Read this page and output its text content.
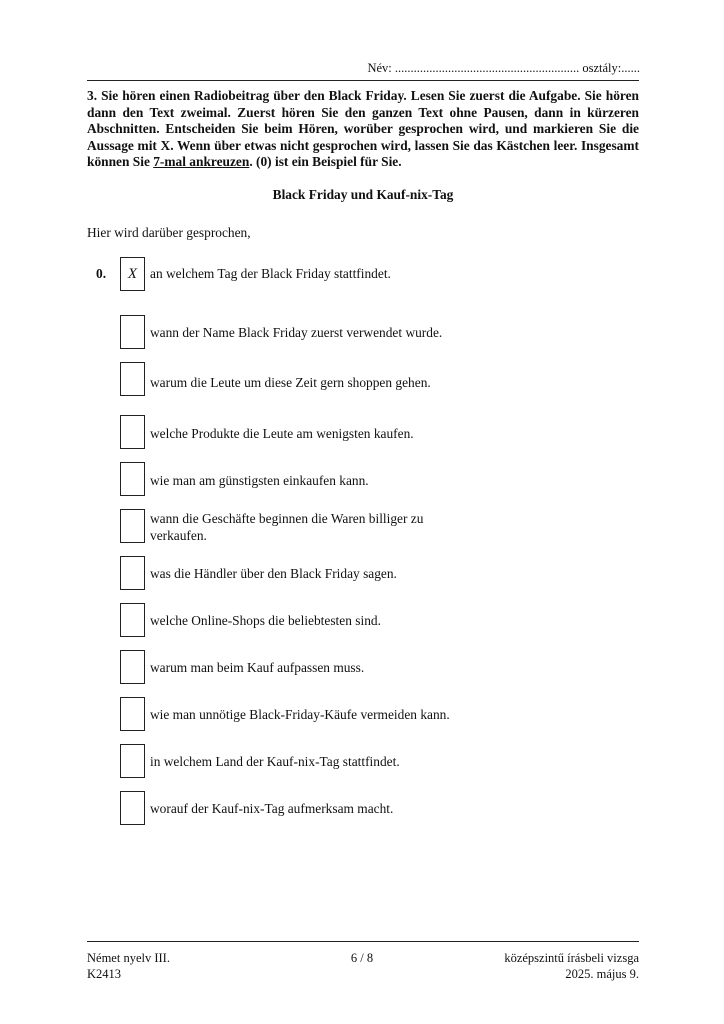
Név: ........................................................... osztály:......
3. Sie hören einen Radiobeitrag über den Black Friday. Lesen Sie zuerst die Aufgabe. Sie hören dann den Text zweimal. Zuerst hören Sie den ganzen Text ohne Pausen, dann in kürzeren Abschnitten. Entscheiden Sie beim Hören, worüber gesprochen wird, und markieren Sie die Aussage mit X. Wenn über etwas nicht gesprochen wird, lassen Sie das Kästchen leer. Insgesamt können Sie 7-mal ankreuzen. (0) ist ein Beispiel für Sie.
Black Friday und Kauf-nix-Tag
Hier wird darüber gesprochen,
0. X an welchem Tag der Black Friday stattfindet.
wann der Name Black Friday zuerst verwendet wurde.
warum die Leute um diese Zeit gern shoppen gehen.
welche Produkte die Leute am wenigsten kaufen.
wie man am günstigsten einkaufen kann.
wann die Geschäfte beginnen die Waren billiger zu verkaufen.
was die Händler über den Black Friday sagen.
welche Online-Shops die beliebtesten sind.
warum man beim Kauf aufpassen muss.
wie man unnötige Black-Friday-Käufe vermeiden kann.
in welchem Land der Kauf-nix-Tag stattfindet.
worauf der Kauf-nix-Tag aufmerksam macht.
Német nyelv III.
K2413
6 / 8	középszintű írásbeli vizsga
2025. május 9.
